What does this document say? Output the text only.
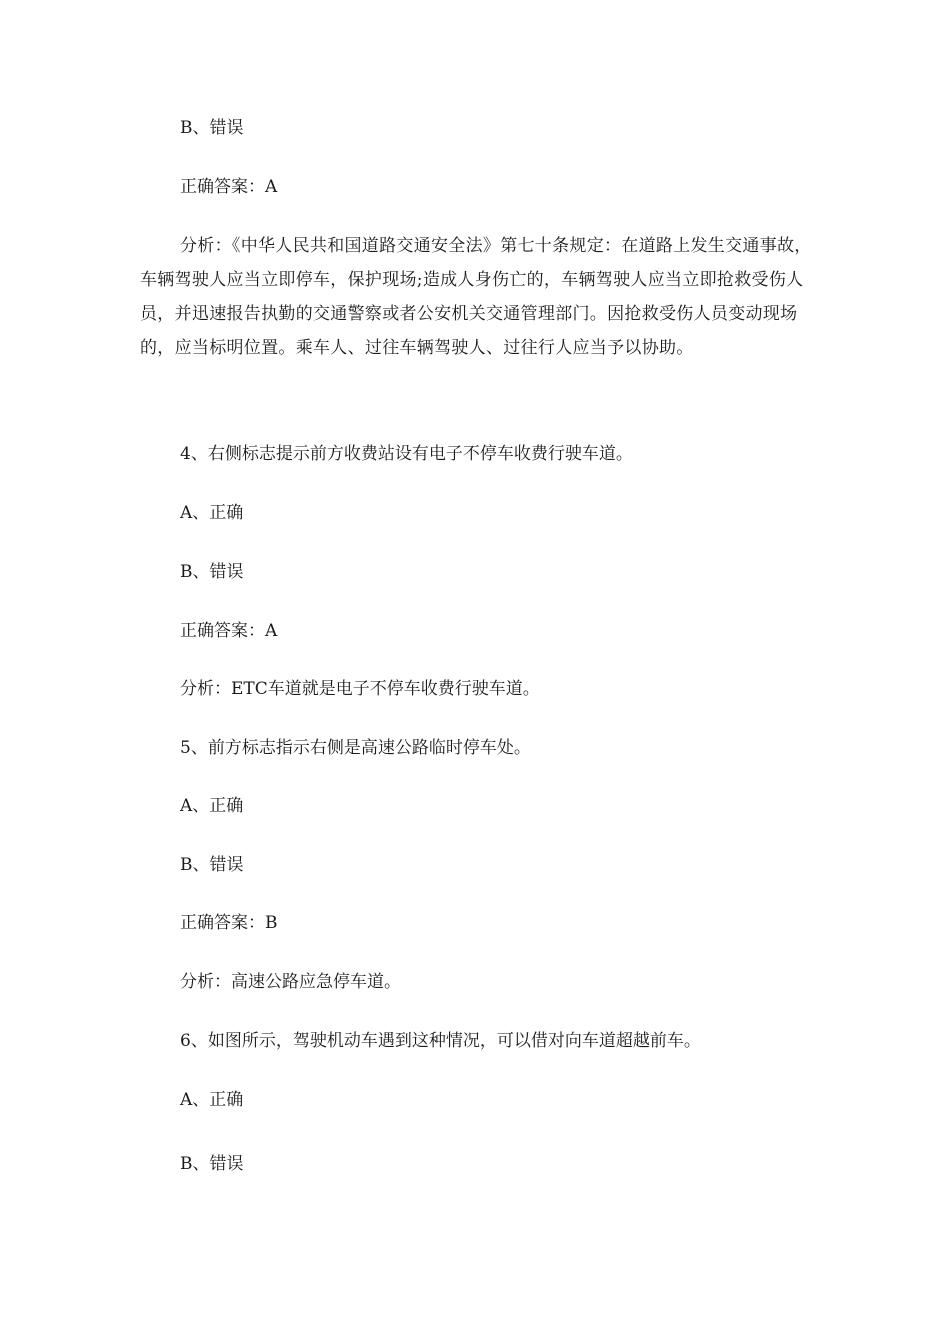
B、错误
正确答案：A
分析：《中华人民共和国道路交通安全法》第七十条规定：在道路上发生交通事故，车辆驾驶人应当立即停车，保护现场;造成人身伤亡的，车辆驾驶人应当立即抢救受伤人员，并迅速报告执勤的交通警察或者公安机关交通管理部门。因抢救受伤人员变动现场的，应当标明位置。乘车人、过往车辆驾驶人、过往行人应当予以协助。
4、右侧标志提示前方收费站设有电子不停车收费行驶车道。
A、正确
B、错误
正确答案：A
分析：ETC车道就是电子不停车收费行驶车道。
5、前方标志指示右侧是高速公路临时停车处。
A、正确
B、错误
正确答案：B
分析：高速公路应急停车道。
6、如图所示，驾驶机动车遇到这种情况，可以借对向车道超越前车。
A、正确
B、错误
